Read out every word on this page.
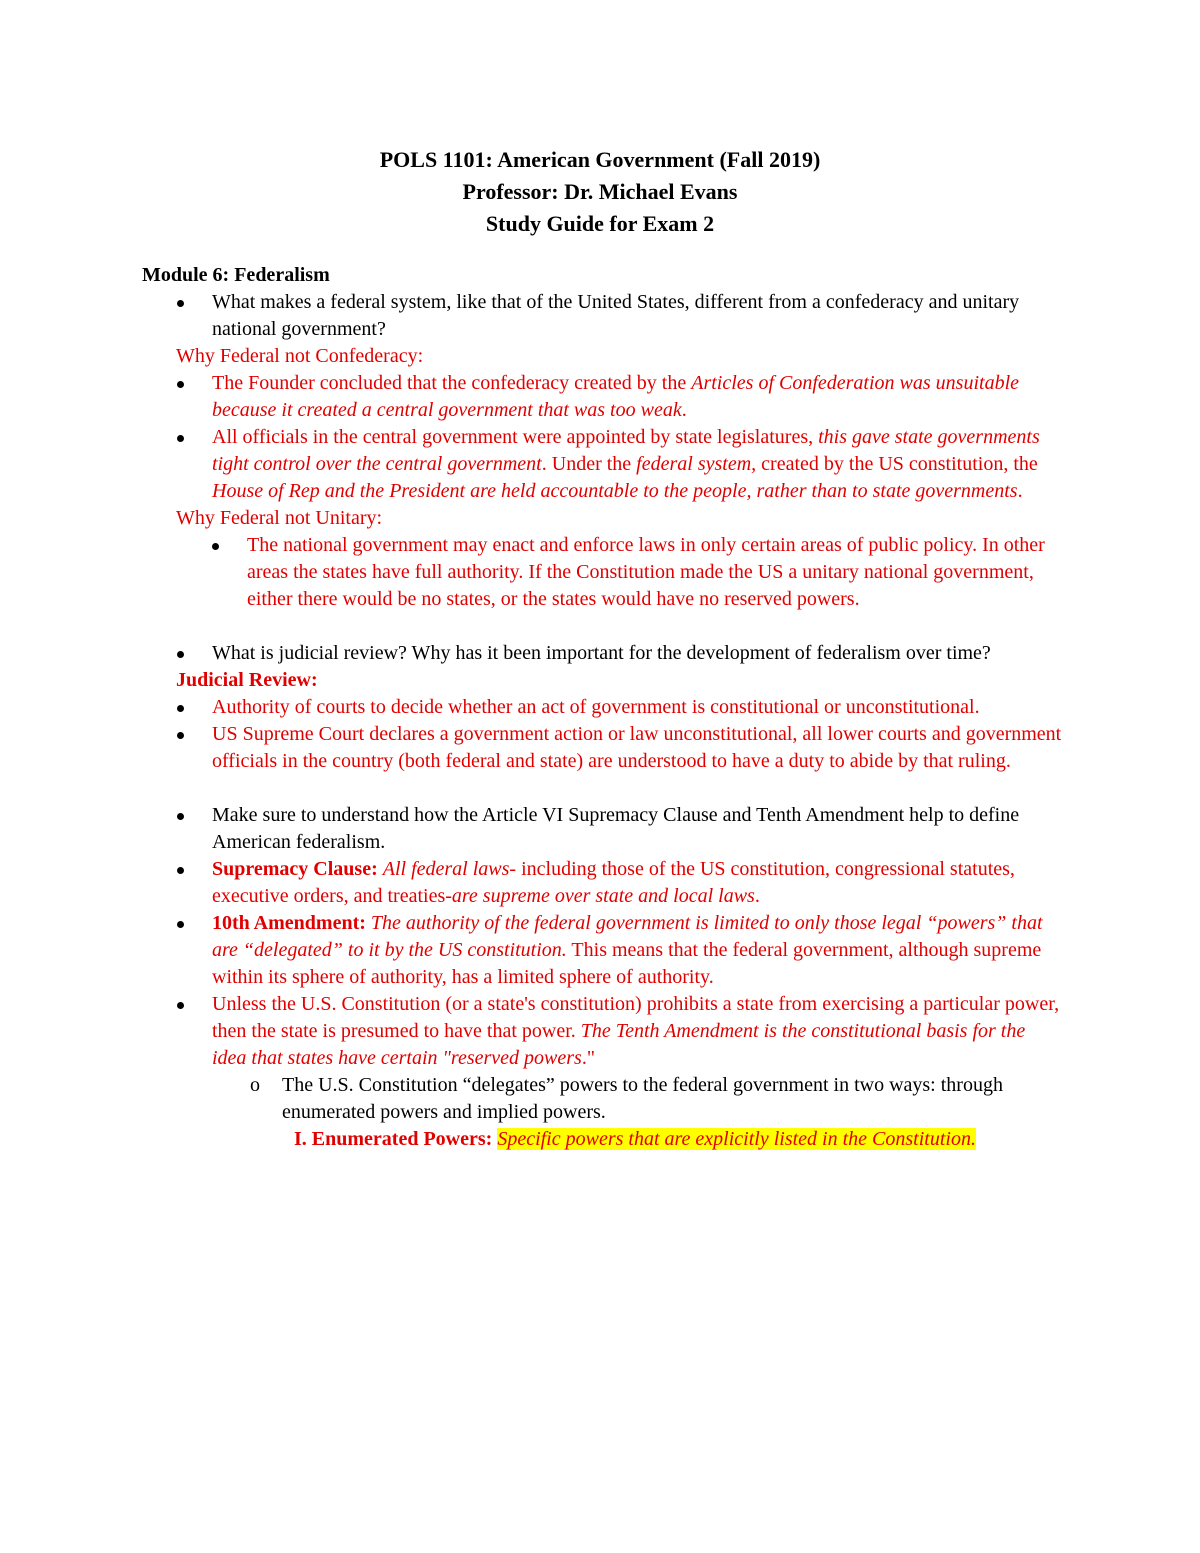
POLS 1101: American Government (Fall 2019)
Professor: Dr. Michael Evans
Study Guide for Exam 2

Module 6: Federalism

What makes a federal system, like that of the United States, different from a confederacy and unitary national government?

Why Federal not Confederacy:

The Founder concluded that the confederacy created by the Articles of Confederation was unsuitable because it created a central government that was too weak.
All officials in the central government were appointed by state legislatures, this gave state governments tight control over the central government. Under the federal system, created by the US constitution, the House of Rep and the President are held accountable to the people, rather than to state governments.

Why Federal not Unitary:

The national government may enact and enforce laws in only certain areas of public policy. In other areas the states have full authority. If the Constitution made the US a unitary national government, either there would be no states, or the states would have no reserved powers.
What is judicial review? Why has it been important for the development of federalism over time?

Judicial Review:

Authority of courts to decide whether an act of government is constitutional or unconstitutional.
US Supreme Court declares a government action or law unconstitutional, all lower courts and government officials in the country (both federal and state) are understood to have a duty to abide by that ruling.
Make sure to understand how the Article VI Supremacy Clause and Tenth Amendment help to define American federalism.
Supremacy Clause: All federal laws- including those of the US constitution, congressional statutes, executive orders, and treaties-are supreme over state and local laws.
10th Amendment: The authority of the federal government is limited to only those legal “powers” that are “delegated” to it by the US constitution. This means that the federal government, although supreme within its sphere of authority, has a limited sphere of authority.
Unless the U.S. Constitution (or a state's constitution) prohibits a state from exercising a particular power, then the state is presumed to have that power. The Tenth Amendment is the constitutional basis for the idea that states have certain "reserved powers."
o The U.S. Constitution “delegates” powers to the federal government in two ways: through enumerated powers and implied powers.
I. Enumerated Powers: Specific powers that are explicitly listed in the Constitution.
